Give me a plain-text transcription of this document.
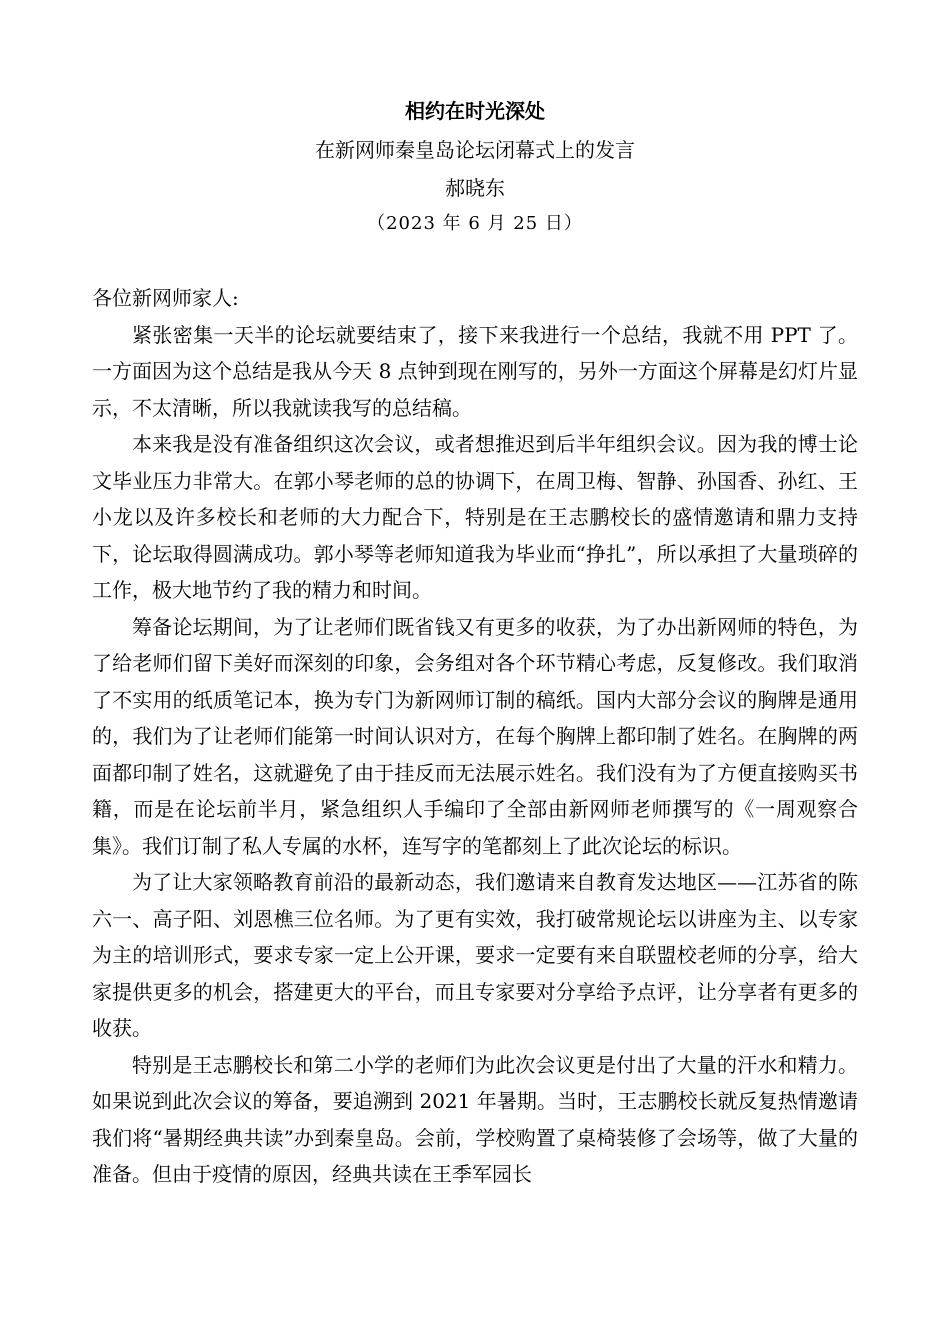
相约在时光深处
在新网师秦皇岛论坛闭幕式上的发言
郝晓东
（2023 年 6 月 25 日）

各位新网师家人:

紧张密集一天半的论坛就要结束了，接下来我进行一个总结，我就不用 PPT 了。一方面因为这个总结是我从今天 8 点钟到现在刚写的，另外一方面这个屏幕是幻灯片显示，不太清晰，所以我就读我写的总结稿。

本来我是没有准备组织这次会议，或者想推迟到后半年组织会议。因为我的博士论文毕业压力非常大。在郭小琴老师的总的协调下，在周卫梅、智静、孙国香、孙红、王小龙以及许多校长和老师的大力配合下，特别是在王志鹏校长的盛情邀请和鼎力支持下，论坛取得圆满成功。郭小琴等老师知道我为毕业而“挣扎”，所以承担了大量琐碎的工作，极大地节约了我的精力和时间。

筹备论坛期间，为了让老师们既省钱又有更多的收获，为了办出新网师的特色，为了给老师们留下美好而深刻的印象，会务组对各个环节精心考虑，反复修改。我们取消了不实用的纸质笔记本，换为专门为新网师订制的稿纸。国内大部分会议的胸牌是通用的，我们为了让老师们能第一时间认识对方，在每个胸牌上都印制了姓名。在胸牌的两面都印制了姓名，这就避免了由于挂反而无法展示姓名。我们没有为了方便直接购买书籍，而是在论坛前半月，紧急组织人手编印了全部由新网师老师撰写的《一周观察合集》。我们订制了私人专属的水杯，连写字的笔都刻上了此次论坛的标识。

为了让大家领略教育前沿的最新动态，我们邀请来自教育发达地区——江苏省的陈六一、高子阳、刘恩樵三位名师。为了更有实效，我打破常规论坛以讲座为主、以专家为主的培训形式，要求专家一定上公开课，要求一定要有来自联盟校老师的分享，给大家提供更多的机会，搭建更大的平台，而且专家要对分享给予点评，让分享者有更多的收获。

特别是王志鹏校长和第二小学的老师们为此次会议更是付出了大量的汗水和精力。如果说到此次会议的筹备，要追溯到 2021 年暑期。当时，王志鹏校长就反复热情邀请我们将“暑期经典共读”办到秦皇岛。会前，学校购置了桌椅装修了会场等，做了大量的准备。但由于疫情的原因，经典共读在王季军园长
